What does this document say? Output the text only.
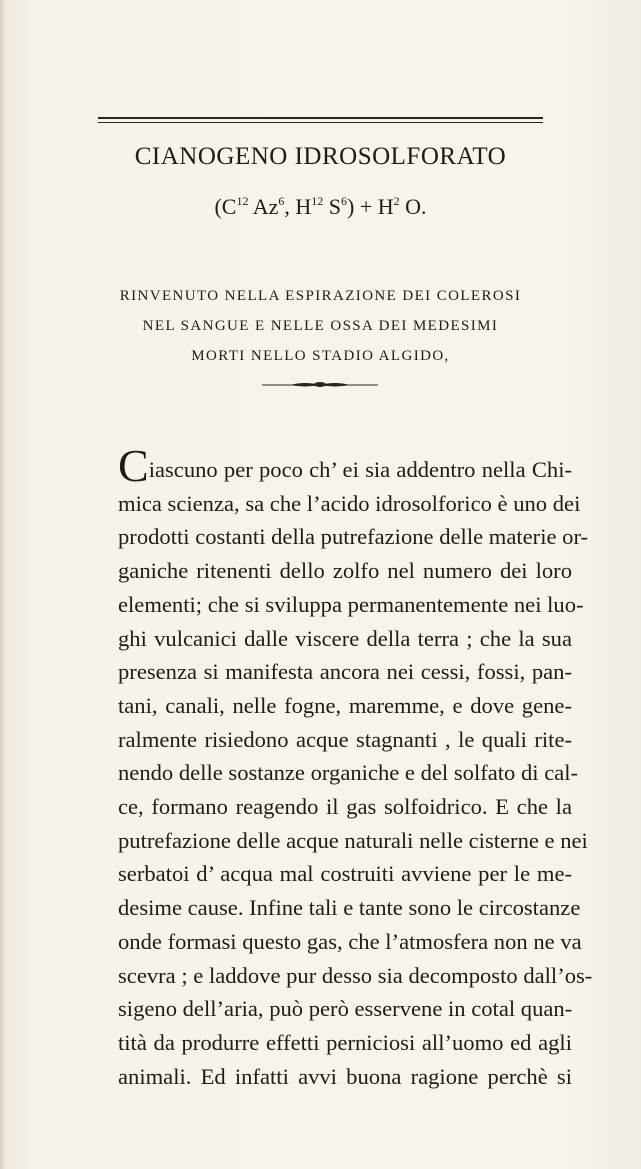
CIANOGENO IDROSOLFORATO
($C^{12}$ Az$^6$, $H^{12}$ $S^6) + H^2$ O.
RINVENUTO NELLA ESPIRAZIONE DEI COLEROSI
NEL SANGUE E NELLE OSSA DEI MEDESIMI
MORTI NELLO STADIO ALGIDO,
Ciascuno per poco ch’ ei sia addentro nella Chi-
mica scienza, sa che l’acido idrosolforico è uno dei
prodotti costanti della putrefazione delle materie or-
ganiche ritenenti dello zolfo nel numero dei loro
elementi; che si sviluppa permanentemente nei luo-
ghi vulcanici dalle viscere della terra ; che la sua
presenza si manifesta ancora nei cessi, fossi, pan-
tani, canali, nelle fogne, maremme, e dove gene-
ralmente risiedono acque stagnanti , le quali rite-
nendo delle sostanze organiche e del solfato di cal-
ce, formano reagendo il gas solfoidrico. E che la
putrefazione delle acque naturali nelle cisterne e nei
serbatoi d’ acqua mal costruiti avviene per le me-
desime cause. Infine tali e tante sono le circostanze
onde formasi questo gas, che l’atmosfera non ne va
scevra ; e laddove pur desso sia decomposto dall’os-
sigeno dell’aria, può però esservene in cotal quan-
tità da produrre effetti perniciosi all’uomo ed agli
animali. Ed infatti avvi buona ragione perchè si
